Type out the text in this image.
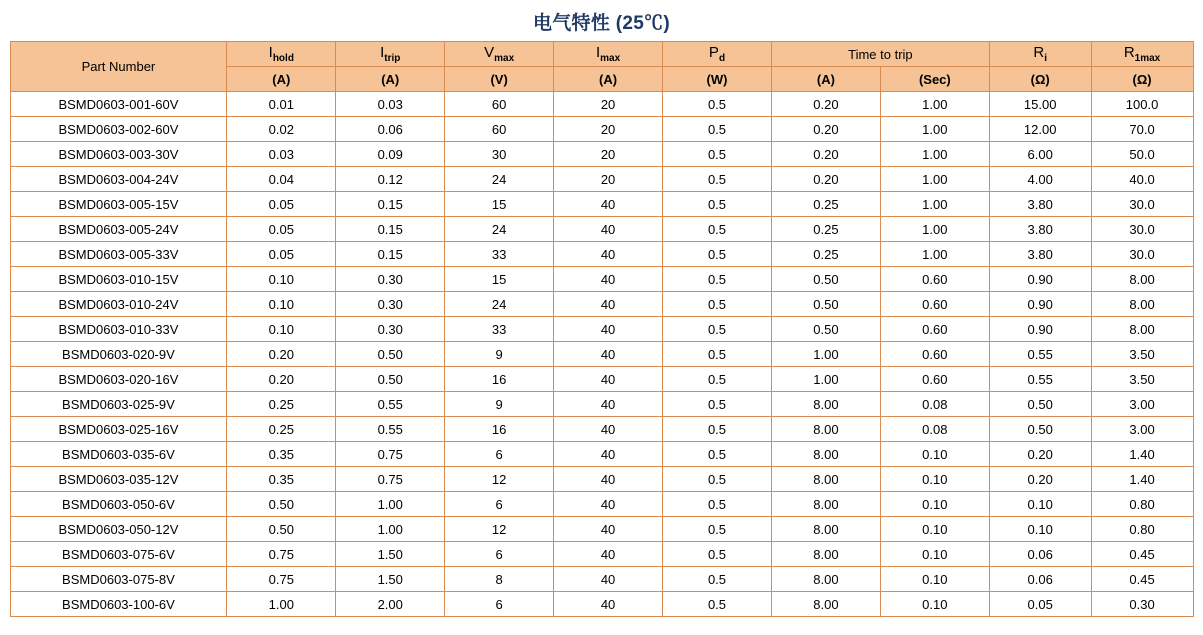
电气特性 (25℃)
Part Number	$I_{hold}$	$I_{trip}$	$V_{max}$	$I_{max}$	$P_d$	Time to trip		$R_i$	$R_{1max}$
	(A)	(A)	(V)	(A)	(W)	(A)	(Sec)	(Ω)	(Ω)
BSMD0603-001-60V	0.01	0.03	60	20	0.5	0.20	1.00	15.00	100.0
BSMD0603-002-60V	0.02	0.06	60	20	0.5	0.20	1.00	12.00	70.0
BSMD0603-003-30V	0.03	0.09	30	20	0.5	0.20	1.00	6.00	50.0
BSMD0603-004-24V	0.04	0.12	24	20	0.5	0.20	1.00	4.00	40.0
BSMD0603-005-15V	0.05	0.15	15	40	0.5	0.25	1.00	3.80	30.0
BSMD0603-005-24V	0.05	0.15	24	40	0.5	0.25	1.00	3.80	30.0
BSMD0603-005-33V	0.05	0.15	33	40	0.5	0.25	1.00	3.80	30.0
BSMD0603-010-15V	0.10	0.30	15	40	0.5	0.50	0.60	0.90	8.00
BSMD0603-010-24V	0.10	0.30	24	40	0.5	0.50	0.60	0.90	8.00
BSMD0603-010-33V	0.10	0.30	33	40	0.5	0.50	0.60	0.90	8.00
BSMD0603-020-9V	0.20	0.50	9	40	0.5	1.00	0.60	0.55	3.50
BSMD0603-020-16V	0.20	0.50	16	40	0.5	1.00	0.60	0.55	3.50
BSMD0603-025-9V	0.25	0.55	9	40	0.5	8.00	0.08	0.50	3.00
BSMD0603-025-16V	0.25	0.55	16	40	0.5	8.00	0.08	0.50	3.00
BSMD0603-035-6V	0.35	0.75	6	40	0.5	8.00	0.10	0.20	1.40
BSMD0603-035-12V	0.35	0.75	12	40	0.5	8.00	0.10	0.20	1.40
BSMD0603-050-6V	0.50	1.00	6	40	0.5	8.00	0.10	0.10	0.80
BSMD0603-050-12V	0.50	1.00	12	40	0.5	8.00	0.10	0.10	0.80
BSMD0603-075-6V	0.75	1.50	6	40	0.5	8.00	0.10	0.06	0.45
BSMD0603-075-8V	0.75	1.50	8	40	0.5	8.00	0.10	0.06	0.45
BSMD0603-100-6V	1.00	2.00	6	40	0.5	8.00	0.10	0.05	0.30
